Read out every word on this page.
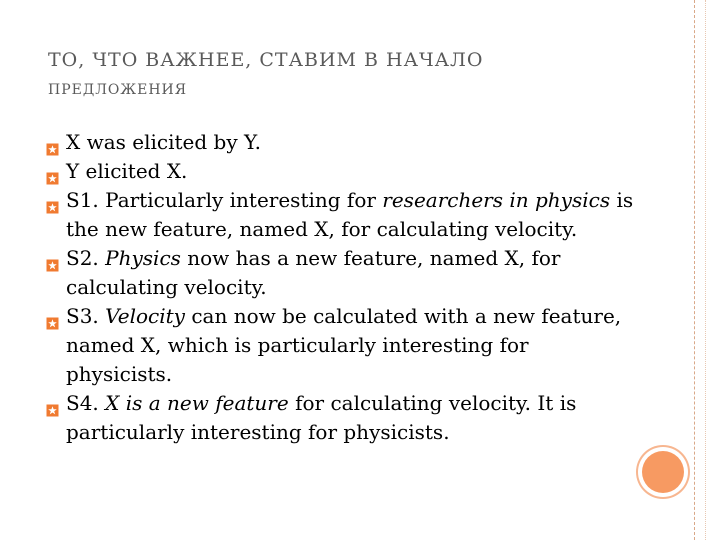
ТО, ЧТО ВАЖНЕЕ, СТАВИМ В НАЧАЛО
ПРЕДЛОЖЕНИЯ
X was elicited by Y.
Y elicited X.
S1. Particularly interesting for researchers in physics is the new feature, named X, for calculating velocity.
S2. Physics now has a new feature, named X, for calculating velocity.
S3. Velocity can now be calculated with a new feature, named X, which is particularly interesting for physicists.
S4. X is a new feature for calculating velocity. It is particularly interesting for physicists.
